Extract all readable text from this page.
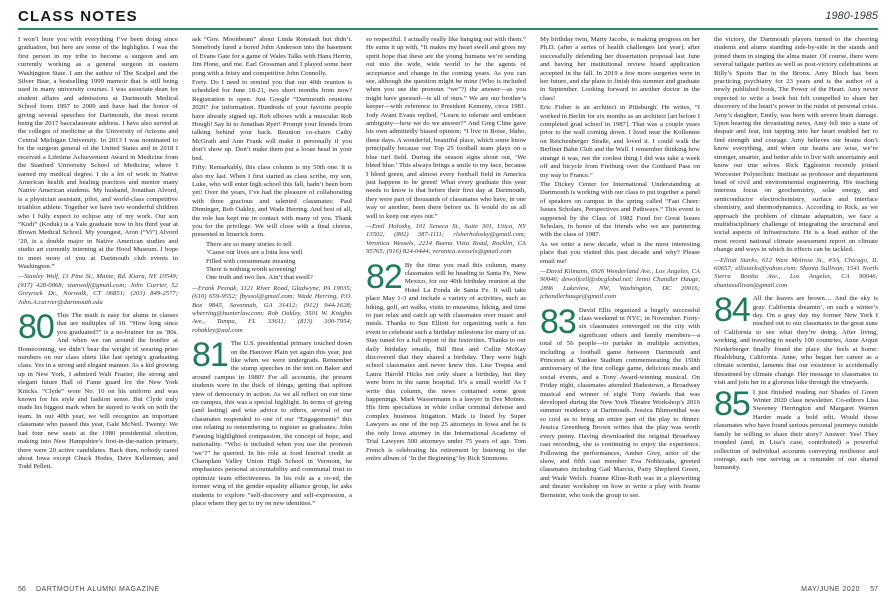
CLASS NOTES	1980-1985

I won’t bore you with everything I’ve been doing since graduation, but here are some of the highlights. I was the first person in my tribe to become a surgeon and am currently working as a general surgeon in eastern Washington State. I am the author of The Scalpel and the Silver Bear, a bestselling 1999 memoir that is still being used in many university courses. I was associate dean for student affairs and admissions at Dartmouth Medical School from 1997 to 2009 and have had the honor of giving several speeches for Dartmouth, the most recent being the 2017 baccalaureate address. I have also served at the colleges of medicine at the University of Arizona and Central Michigan University. In 2013 I was nominated to be the surgeon general of the United States and in 2018 I received a Lifetime Achievement Award in Medicine from the Stanford University School of Medicine, where I earned my medical degree. I do a lot of work in Native American health and healing practices and mentor many Native American students. My husband, Jonathan Alvord, is a physician assistant, pilot, and world-class competitive triathlon athlete. Together we have two wonderful children who I fully expect to eclipse any of my work. Our son “Kodi” (Koduk) is a Yale graduate now in his third year at Brown Medical School. My youngest, Aron (“Vi”) Alvord ’20, is a double major in Native American studies and studio art currently interning at the Hood Museum. I hope to meet more of you at Dartmouth club events in Washington.”

—Stanley Wolf, 13 Pine St., Maine, Rd. Kiara, NY 10549; (917) 428-0068; stanwolf@gmail.com; John Currier, 52 Greyrock Dr., Norwalk, CT 06851; (203) 849-2577; John.A.currier@dartmouth.edu

80 This The math is easy for alums in classes that are multiples of 10. “How long since you graduated?” is a no-brainer for us ’80s. And when we ran around the bonfire at Homecoming, we didn’t bear the weight of wearing prize numbers on our class shirts like last spring’s graduating class. Yes in a strong and elegant manner. As a kid growing up in New York, I admired Walt Frazier, the strong and elegant future Hall of Fame guard for the New York Knicks. “Clyde” wore No. 10 on his uniform and was known for his style and fashion sense. But Clyde truly made his biggest mark when he stayed to work on with the team. In our 40th year, we will recognize an important classmate who passed this year, Gale McNeil. Twenty: We had four new seats at the 1980 presidential election, making into New Hampshire’s first-in-the-nation primary, there were 20 active candidates. Back then, nobody cared about Iowa except Chuck Hodes, Dave Kellerman, and Todd Pellett.

ask “Gov. Moonbeam” about Linda Ronstadt but didn’t. Somebody lured a bored John Anderson into the basement of Evans Gate for a game of Wales Talks with Hans Herrin, Jim Hone, and me. Earl Grossman and I played some beer pong with a feisty and competitive John Connolly.

Forty. Do I need to remind you that our 40th reunion is scheduled for June 18-21, two short months from now? Registration is open. Just Google “Dartmouth reunions 2020” for information. Hundreds of your favorite people have already signed up. Rob elbows with a muscular Rob Hough! Say hi to Jonathan Ryer! Prompt your friends from talking behind your back. Reunion co-chairs Cathy McGrath and Ann Frank will make it personally if you don’t show up. Don’t make them put a loose head in your bed.

Fifty: Remarkably, this class column is my 50th one. It is also my last. When I first started as class scribe, my son, Luke, who will enter high school this fall, hadn’t been born yet! Over the years, I’ve had the pleasure of collaborating with three gracious and talented classmates: Paul Dinninger, Bob Oakley, and Wade Herring. And best of all, the role has kept me in contact with many of you. Thank you for the privilege. We will close with a final chorus, presented in limerick form.

There are so many stories to tell

’Cause our lives are a lotta less well

Filled with consummate meaning

There is nothing worth screening!

One truth and two lies. Ain’t that swell?

—Frank Pesnak, 1121 River Road, Gladwyne, PA 19035; (610) 659-9552; fbyssol@gmail.com; Wade Herring, P.O. Box 9845, Savannah, GA 31412; (912) 944-1628; wherring@hunterlaw.com; Rob Oakley, 3501 W. Knights Ave., Tampa, FL 33611; (813) 300-7954; robakley@aol.com

81 The U.S. presidential primary touched down on the Hanover Plain yet again this year, just like when we were undergrads. Remember the stump speeches in the tent on Baker and around campus in 1980? For all accounts, the present students were in the thick of things, getting that upfront view of democracy in action. As we all reflect on our time on campus, this was a special highlight. In terms of giving (and lasting) and wise advice to others, several of our classmates responded to one of our “Engagements” this one relating to remembering to register as graduates: John Fanning highlighted compassion, the concept of hope, and nationality. “Who is included when you use the pronoun ‘we’?” he queried. In his role at food festival credit at Champlain Valley Union High School in Vermont, he emphasizes personal accountability and communal trust to optimize team effectiveness. In his role as a co-ed, the former wing of the gender equality alliance group, he asks students to explore “self-discovery and self-expression, a place where they get to try on new identities.”

so respectful. I actually really like hanging out with them.” He sums it up with, “It makes my heart swell and gives my spirit hope that these are the young humans we’re sending out into the wide, wide world to be the agents of acceptance and change in the coming years. As you can see, although the question might be mine (Who is included when you use the pronoun “we”?) the answer—as you might have guessed—is all of ours.” We are our brother’s keeper—with reference to President Kemeny, circa 1981. Jody Avant Evans replied, “Learn to tolerate and embrace ambiguity—how we do we answer?” And Greg Cline gave his own admittedly biased opinion: “I live in Boise, Idaho, these days. A wonderful, beautiful place, which some know principally because our Top 25 football team plays on a blue turf field. During the season signs shout out, ‘We bleed blue.’ This always brings a smile to my face, because I bleed green, and almost every football field in America just happens to be green! What every graduate this year needs to know is that before their first day at Dartmouth, they were part of thousands of classmates who have, in one way or another, been there before us. It would do us all well to keep our eyes out.”

—Emil Holosky, 101 Seneca St., Suite 301, Utica, NY 13502; (802) 387-1111; rlsherholosky@gmail.com; Veronica Wessels, 2214 Buena Vista Road, Rocklin, CA 95765; (916) 824-0444; veronica.wessels@gmail.com

82 By the time you read this column, many classmates will be heading to Santa Fe, New Mexico, for our 40th birthday reunion at the Hotel La Fonda de Santa Fe. It will take place May 1-3 and include a variety of activities, such as hiking, golf, art walks, visits to museums, hiking, and time to just relax and catch up with classmates over music and meals. Thanks to Sue Elliott for organizing such a fun event to celebrate such a birthday milestone for many of us. Stay tuned for a full report of the festivities. Thanks to our daily birthday emails, Bill Best and Cullin McKay discovered that they shared a birthday. They were high school classmates and never knew this. Lise Tropea and Laura Harold Hicks not only share a birthday, but they were born in the same hospital. It’s a small world! As I write this column, the news contained some great happenings. Mark Wassermann is a lawyer in Des Moines. His firm specializes in white collar criminal defense and complex business litigation. Mark is listed by Super Lawyers as one of the top 25 attorneys in Iowa and he is the only Iowa attorney in the International Academy of Trial Lawyers 500 attorneys under 75 years of age. Tom French is celebrating his retirement by listening to the entire album of ‘In the Beginning’ by Rick Simmons.

My birthday twin, Marty Jacobs, is making progress on her Ph.D. (after a series of health challenges last year), after successfully defending her dissertation proposal last June and having her institutional review board application accepted in the fall. In 2019 a few more surgeries were in her future, and she plans to finish this summer and graduate in September. Looking forward to another doctor in the class!

Eric Fisher is an architect in Pittsburgh. He writes, “I worked in Berlin for six months as an architect [art before I completed grad school in 1987]. That was a couple years prior to the wall coming down. I lived near the Kollonnie on Reichenberger Straße, and loved it. I could walk the Berliner Bahn Club and the Wall. I remember thinking how strange it was, not the coolest thing I did was take a week off and bicycle from Freiburg over the Gotthard Pass on my way to France.”

The Dickey Center for International Understanding at Dartmouth is working with our class to put together a panel of speakers on campus in the spring called “Fast Cheer: Issues Scholars, Perspectives and Pathways.” This event is supported by the Class of 1982 Fund for Great Issues Scholars, in honor of the friends who we are partnering with the class of 1987.

As we enter a new decade, what is the most interesting place that you visited this past decade and why? Please email me!

—David Kilmann, 6926 Wonderland Ave., Los Angeles, CA 90046; dewolfcell@sbcglobal.net; Jenni Chandler Hauge, 2896 Lakeview, NW, Washington, DC 20016; jchandlerhauge@gmail.com

83 David Ellis organized a hugely successful class weekend in NYC, in November. Forty-six classmates converged on the city with significant others and family members—a total of 56 people—to partake in multiple activities, including a football game between Dartmouth and Princeton at Yankee Stadium commemorating the 150th anniversary of the first college game, delicious meals and social events, and a Tony Award-winning musical. On Friday night, classmates attended Hadestown, a Broadway musical and winner of eight Tony Awards that was developed during the New York Theatre Workshop’s 2016 summer residency at Dartmouth. Jessica Blumenthal was so cool as to bring an entire part of the play to dinner. Jessica Greenberg Brown writes that the play was worth every penny. Having downloaded the original Broadway cast recording, she is continuing to enjoy the experience. Following the performances, Amber Grey, actor of the show, and fifth cast member Eva Noblezada, greeted classmates including Gail Marcus, Patty Shepherd Green, and Wade Welch. Joanne Kline-Roth was in a playwriting and theater workshop on how to write a play with Jeanie Bernstein, who took the group to see.

the victory, the Dartmouth players turned to the cheering students and alums standing side-by-side in the stands and joined them in singing the alma mater. Of course, there were several tailgate parties as well as post-victory celebrations at Billy’s Sports Bar in the Bronx. Amy Bloch has been practicing psychiatry for 23 years and is the author of a newly published book, The Power of the Heart. Amy never expected to write a book but felt compelled to share her discovery of the heart’s power in the midst of personal crisis. Amy’s daughter, Emily, was born with severe brain damage. Upon hearing the devastating news, Amy fell into a state of despair and fear, but tapping into her heart enabled her to find strength and courage. Amy believes our brains don’t know everything, and when our hearts are wise, we’re stronger, smarter, and better able to live with uncertainty and know our true selves. Rick Eggleston recently joined Worcester Polytechnic Institute as professor and department head of civil and environmental engineering. His teaching interests focus on geochemistry, solar energy, and semiconductor electrochemistry, surface and interface chemistry, and thermodynamics. According to Rick, as we approach the problem of climate adaptation, we face a multidisciplinary challenge of integrating the structural and social aspects of infrastructure. He is a lead author of the most recent national climate assessment report on climate change and ways in which its effects can be tackled.

—Elliott Starks, 612 West Melrose St., #3A, Chicago, IL 60657; ellistarks@yahoo.com; Shanta Sullivan, 1541 North Sierra Bonita Ave., Los Angeles, CA 90046; shantasullivan@gmail.com

84 All the leaves are brown… And the sky is gray. California dreamin’, on such a winter’s day. On a gray day my former New York I reached out to our classmates in the great state of California to see what they’re doing. After living, working, and traveling in nearly 100 countries, Anne Arquit Niederberger finally found the place she feels at home: Healdsburg, California. Anne, who began her career as a climate scientist, laments that our existence is accidentally threatened by climate change. Her message to classmates to visit and join her in a glorious hike through the vineyards.

85 I just finished reading our Shades of Green Winter 2020 class newsletter. Co-editors Lisa Sweeney Herrington and Margaret Warren Harder made a bold edit. Would those classmates who have found serious personal journeys outside family be willing to share their story? Answer: Yes! They rounded (and, in Lisa’s case, contributed) a powerful collection of individual accounts conveying resilience and courage, each one serving as a reminder of our shared humanity.

56 DARTMOUTH ALUMNI MAGAZINE	MAY/JUNE 2020 57
